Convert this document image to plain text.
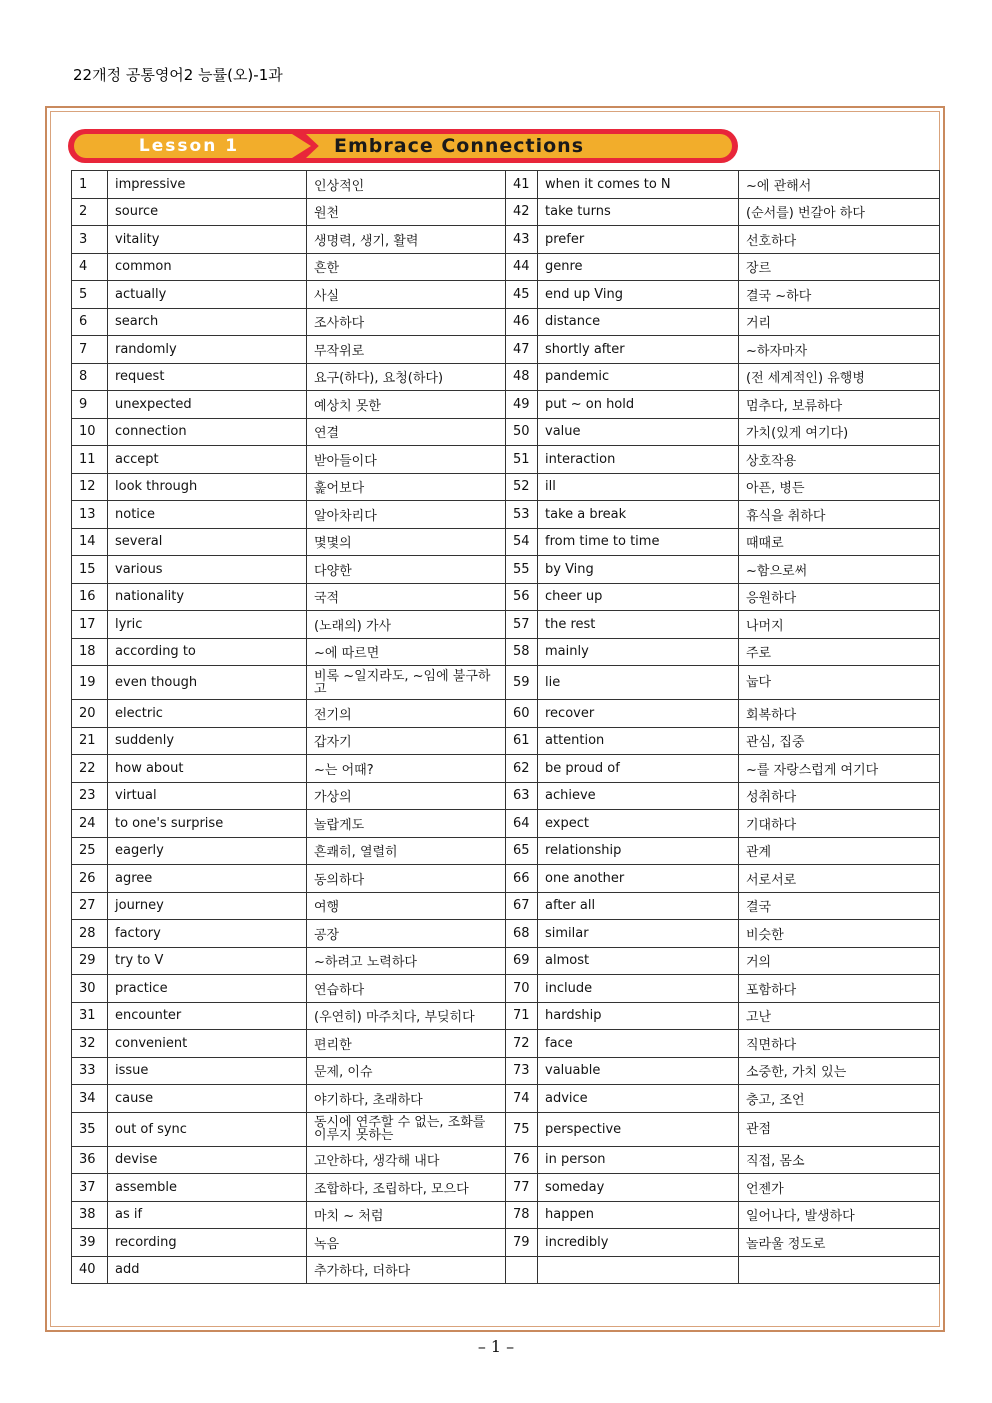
22개정 공통영어2 능률(오)-1과
Lesson 1	Embrace Connections
1	impressive	인상적인	41	when it comes to N	~에 관해서
2	source	원천	42	take turns	(순서를) 번갈아 하다
3	vitality	생명력, 생기, 활력	43	prefer	선호하다
4	common	흔한	44	genre	장르
5	actually	사실	45	end up Ving	결국 ~하다
6	search	조사하다	46	distance	거리
7	randomly	무작위로	47	shortly after	~하자마자
8	request	요구(하다), 요청(하다)	48	pandemic	(전 세계적인) 유행병
9	unexpected	예상치 못한	49	put ~ on hold	멈추다, 보류하다
10	connection	연결	50	value	가치(있게 여기다)
11	accept	받아들이다	51	interaction	상호작용
12	look through	훑어보다	52	ill	아픈, 병든
13	notice	알아차리다	53	take a break	휴식을 취하다
14	several	몇몇의	54	from time to time	때때로
15	various	다양한	55	by Ving	~함으로써
16	nationality	국적	56	cheer up	응원하다
17	lyric	(노래의) 가사	57	the rest	나머지
18	according to	~에 따르면	58	mainly	주로
19	even though	비록 ~일지라도, ~임에 불구하고	59	lie	눕다
20	electric	전기의	60	recover	회복하다
21	suddenly	갑자기	61	attention	관심, 집중
22	how about	~는 어때?	62	be proud of	~를 자랑스럽게 여기다
23	virtual	가상의	63	achieve	성취하다
24	to one's surprise	놀랍게도	64	expect	기대하다
25	eagerly	흔쾌히, 열렬히	65	relationship	관계
26	agree	동의하다	66	one another	서로서로
27	journey	여행	67	after all	결국
28	factory	공장	68	similar	비슷한
29	try to V	~하려고 노력하다	69	almost	거의
30	practice	연습하다	70	include	포함하다
31	encounter	(우연히) 마주치다, 부딪히다	71	hardship	고난
32	convenient	편리한	72	face	직면하다
33	issue	문제, 이슈	73	valuable	소중한, 가치 있는
34	cause	야기하다, 초래하다	74	advice	충고, 조언
35	out of sync	동시에 연주할 수 없는, 조화를 이루지 못하는	75	perspective	관점
36	devise	고안하다, 생각해 내다	76	in person	직접, 몸소
37	assemble	조합하다, 조립하다, 모으다	77	someday	언젠가
38	as if	마치 ~ 처럼	78	happen	일어나다, 발생하다
39	recording	녹음	79	incredibly	놀라울 정도로
40	add	추가하다, 더하다			
– 1 –
